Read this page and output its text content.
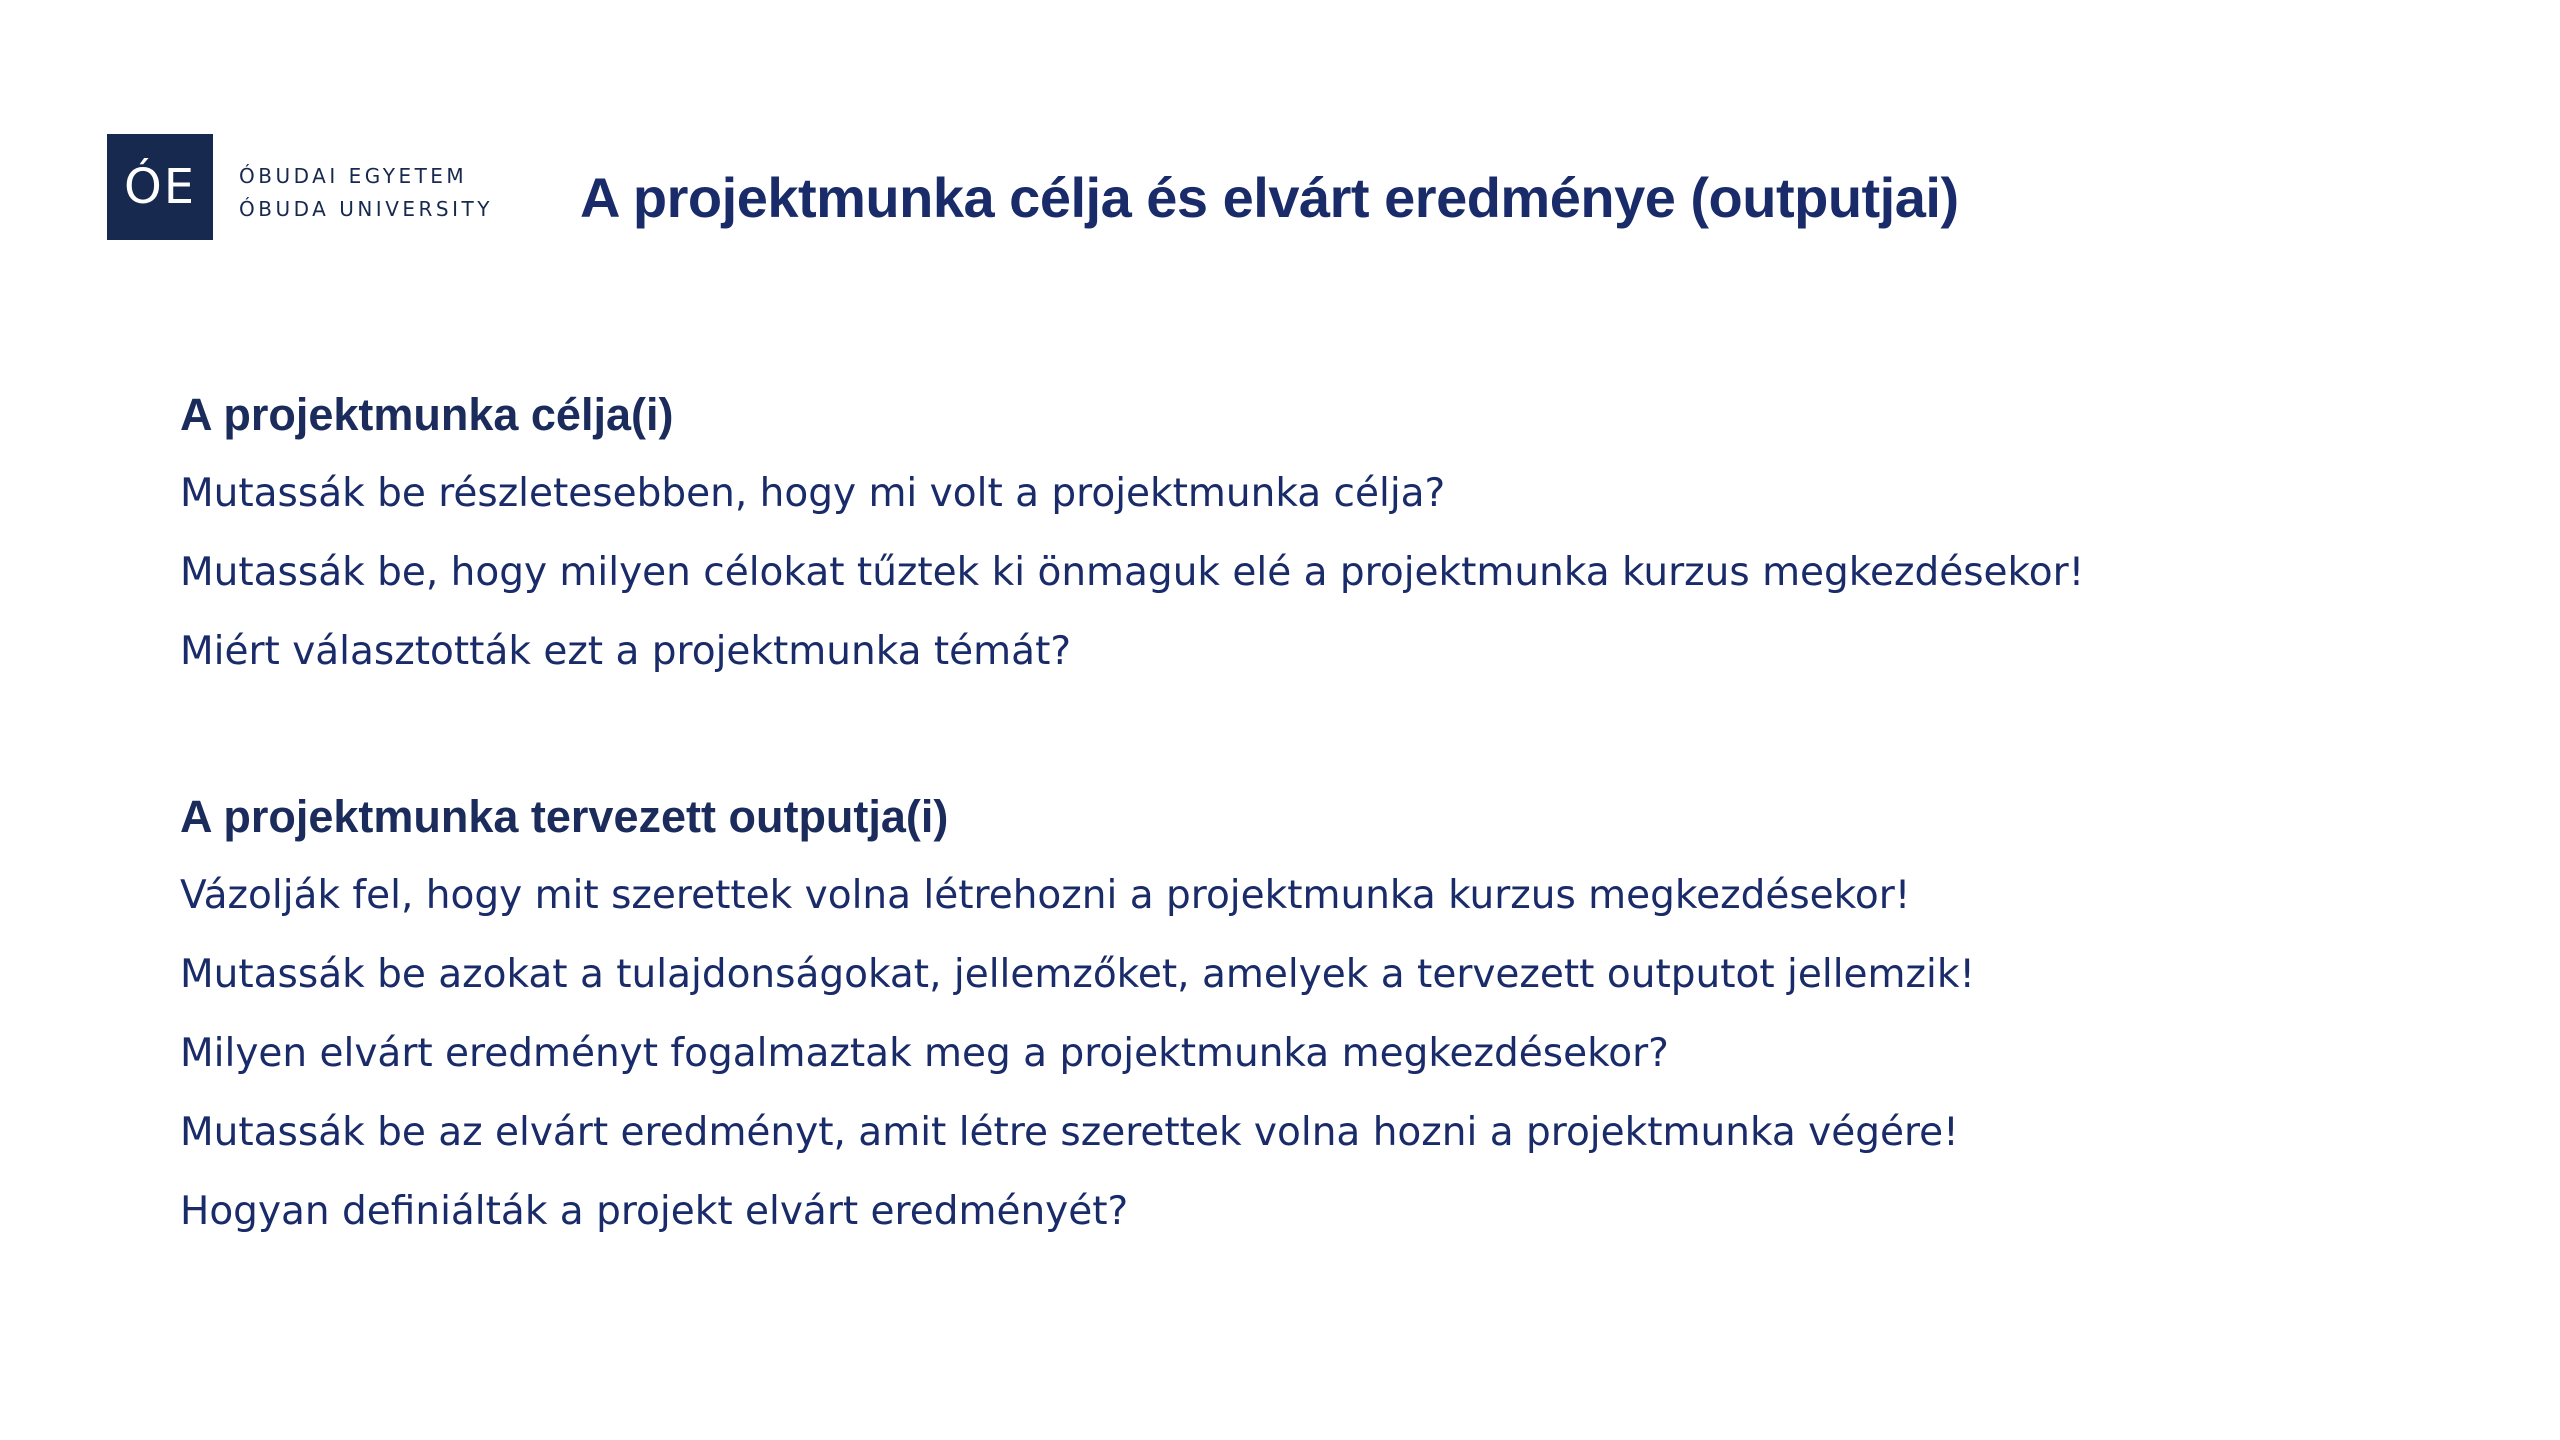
ÓE ÓBUDAI EGYETEM
ÓBUDA UNIVERSITY A projektmunka célja és elvárt eredménye (outputjai)
A projektmunka célja(i)
Mutassák be részletesebben, hogy mi volt a projektmunka célja?
Mutassák be, hogy milyen célokat tűztek ki önmaguk elé a projektmunka kurzus megkezdésekor!
Miért választották ezt a projektmunka témát?
A projektmunka tervezett outputja(i)
Vázolják fel, hogy mit szerettek volna létrehozni a projektmunka kurzus megkezdésekor!
Mutassák be azokat a tulajdonságokat, jellemzőket, amelyek a tervezett outputot jellemzik!
Milyen elvárt eredményt fogalmaztak meg a projektmunka megkezdésekor?
Mutassák be az elvárt eredményt, amit létre szerettek volna hozni a projektmunka végére!
Hogyan definiálták a projekt elvárt eredményét?
